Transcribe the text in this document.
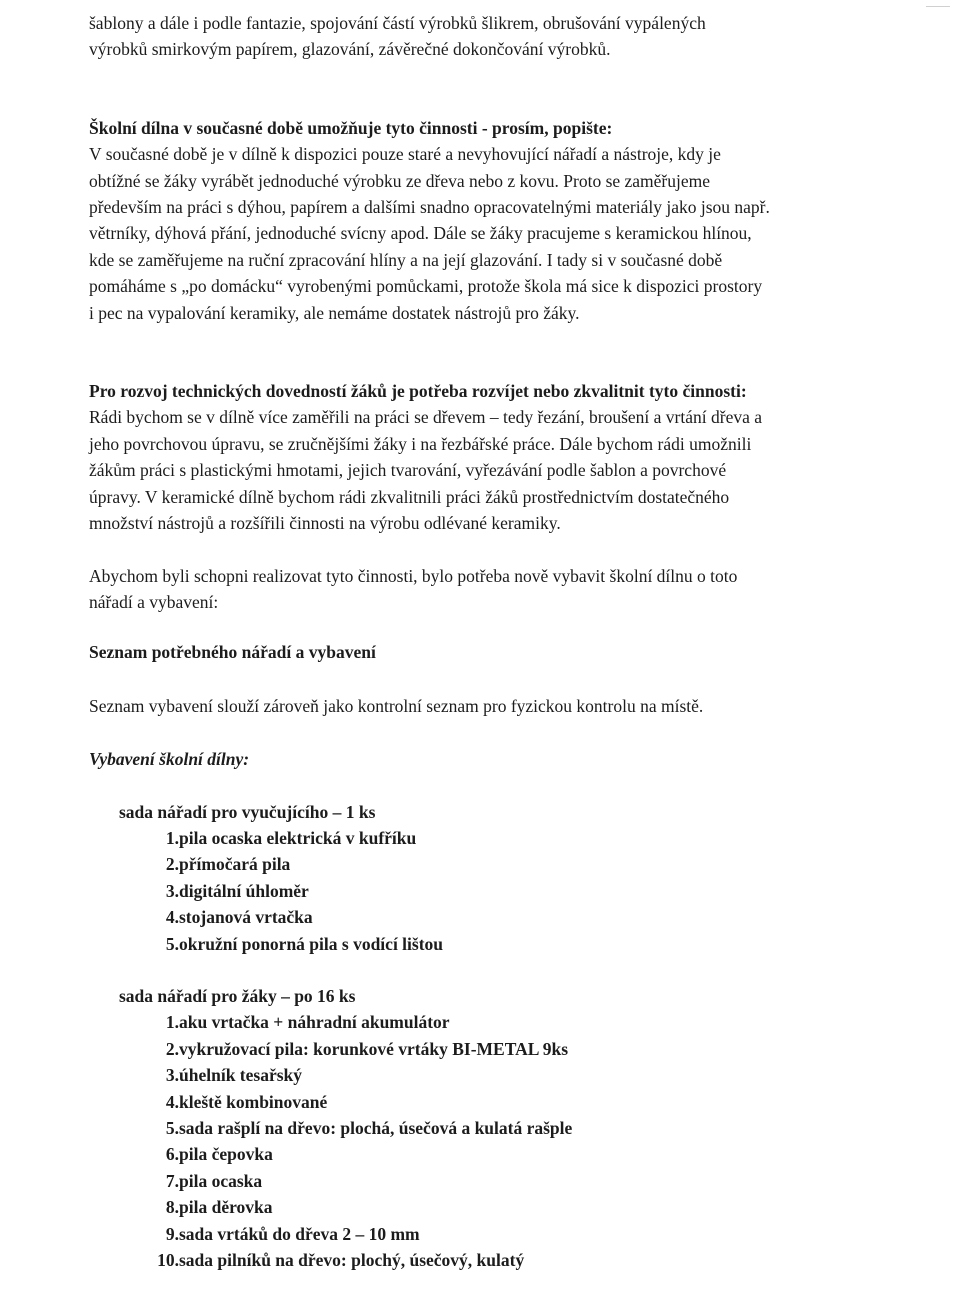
šablony a dále i podle fantazie, spojování částí výrobků šlikrem, obrušování vypálených
výrobků smirkovým papírem, glazování, závěrečné dokončování výrobků.

Školní dílna v současné době umožňuje tyto činnosti - prosím, popište:
V současné době je v dílně k dispozici pouze staré a nevyhovující nářadí a nástroje, kdy je
obtížné se žáky vyrábět jednoduché výrobku ze dřeva nebo z kovu. Proto se zaměřujeme
především na práci s dýhou, papírem a dalšími snadno opracovatelnými materiály jako jsou např.
větrníky, dýhová přání, jednoduché svícny apod. Dále se žáky pracujeme s keramickou hlínou,
kde se zaměřujeme na ruční zpracování hlíny a na její glazování. I tady si v současné době
pomáháme s „po domácku“ vyrobenými pomůckami, protože škola má sice k dispozici prostory
i pec na vypalování keramiky, ale nemáme dostatek nástrojů pro žáky.

Pro rozvoj technických dovedností žáků je potřeba rozvíjet nebo zkvalitnit tyto činnosti:
Rádi bychom se v dílně více zaměřili na práci se dřevem – tedy řezání, broušení a vrtání dřeva a
jeho povrchovou úpravu, se zručnějšími žáky i na řezbářské práce. Dále bychom rádi umožnili
žákům práci s plastickými hmotami, jejich tvarování, vyřezávání podle šablon a povrchové
úpravy. V keramické dílně bychom rádi zkvalitnili práci žáků prostřednictvím dostatečného
množství nástrojů a rozšířili činnosti na výrobu odlévané keramiky.

Abychom byli schopni realizovat tyto činnosti, bylo potřeba nově vybavit školní dílnu o toto
nářadí a vybavení:

Seznam potřebného nářadí a vybavení

Seznam vybavení slouží zároveň jako kontrolní seznam pro fyzickou kontrolu na místě.

Vybavení školní dílny:

sada nářadí pro vyučujícího – 1 ks
1. pila ocaska elektrická v kufříku
2. přímočará pila
3. digitální úhloměr
4. stojanová vrtačka
5. okružní ponorná pila s vodící lištou
sada nářadí pro žáky – po 16 ks
1. aku vrtačka + náhradní akumulátor
2. vykružovací pila: korunkové vrtáky BI-METAL 9ks
3. úhelník tesařský
4. kleště kombinované
5. sada rašplí na dřevo: plochá, úsečová a kulatá rašple
6. pila čepovka
7. pila ocaska
8. pila děrovka
9. sada vrtáků do dřeva 2 – 10 mm
10. sada pilníků na dřevo: plochý, úsečový, kulatý
